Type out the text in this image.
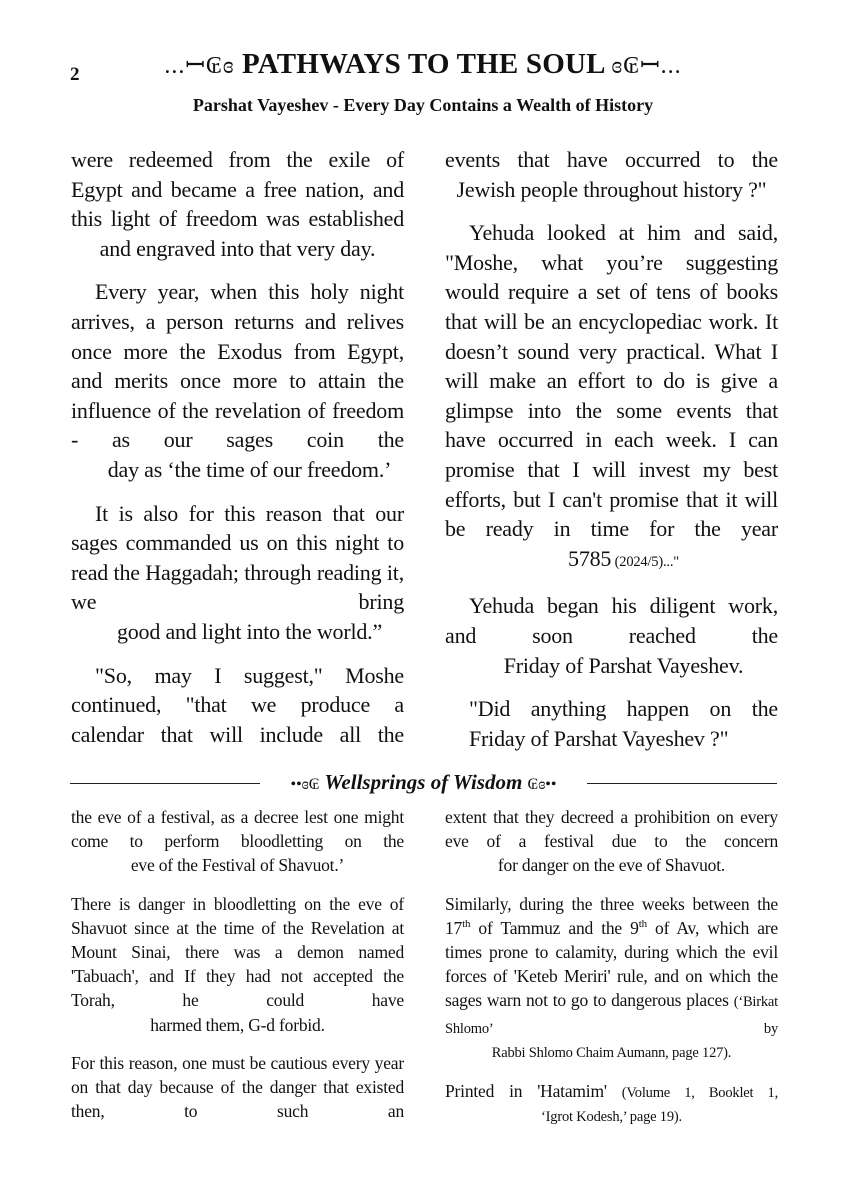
2	...ꟷ₢ɞ PATHWAYS TO THE SOUL ɞ₢ꟷ...
Parshat Vayeshev - Every Day Contains a Wealth of History

were redeemed from the exile of Egypt and became a free nation, and this light of freedom was established
and engraved into that very day.

Every year, when this holy night arrives, a person returns and relives once more the Exodus from Egypt, and merits once more to attain the influence of the revelation of freedom - as our sages coin the
day as ‘the time of our freedom.’

It is also for this reason that our sages commanded us on this night to read the Haggadah; through reading it, we bring
good and light into the world.”

"So, may I suggest," Moshe continued, "that we produce a calendar that will include all the

events that have occurred to the
Jewish people throughout history ?"

Yehuda looked at him and said, "Moshe, what you’re suggesting would require a set of tens of books that will be an encyclopediac work. It doesn’t sound very practical. What I will make an effort to do is give a glimpse into the some events that have occurred in each week. I can promise that I will invest my best efforts, but I can't promise that it will be ready in time for the year
5785 (2024/5)..."

Yehuda began his diligent work, and soon reached the
Friday of Parshat Vayeshev.

"Did anything happen on the
Friday of Parshat Vayeshev ?"

••ɞ₢ Wellsprings of Wisdom ₢ɞ••

the eve of a festival, as a decree lest one might come to perform bloodletting on the
eve of the Festival of Shavuot.’

There is danger in bloodletting on the eve of Shavuot since at the time of the Revelation at Mount Sinai, there was a demon named 'Tabuach', and If they had not accepted the Torah, he could have
harmed them, G-d forbid.

For this reason, one must be cautious every year on that day because of the danger that existed then, to such an

extent that they decreed a prohibition on every eve of a festival due to the concern
for danger on the eve of Shavuot.

Similarly, during the three weeks between the 17th of Tammuz and the 9th of Av, which are times prone to calamity, during which the evil forces of 'Keteb Meriri' rule, and on which the sages warn not to go to dangerous places (‘Birkat Shlomo’ by
Rabbi Shlomo Chaim Aumann, page 127).

Printed in 'Hatamim' (Volume 1, Booklet 1,
‘Igrot Kodesh,’ page 19).
